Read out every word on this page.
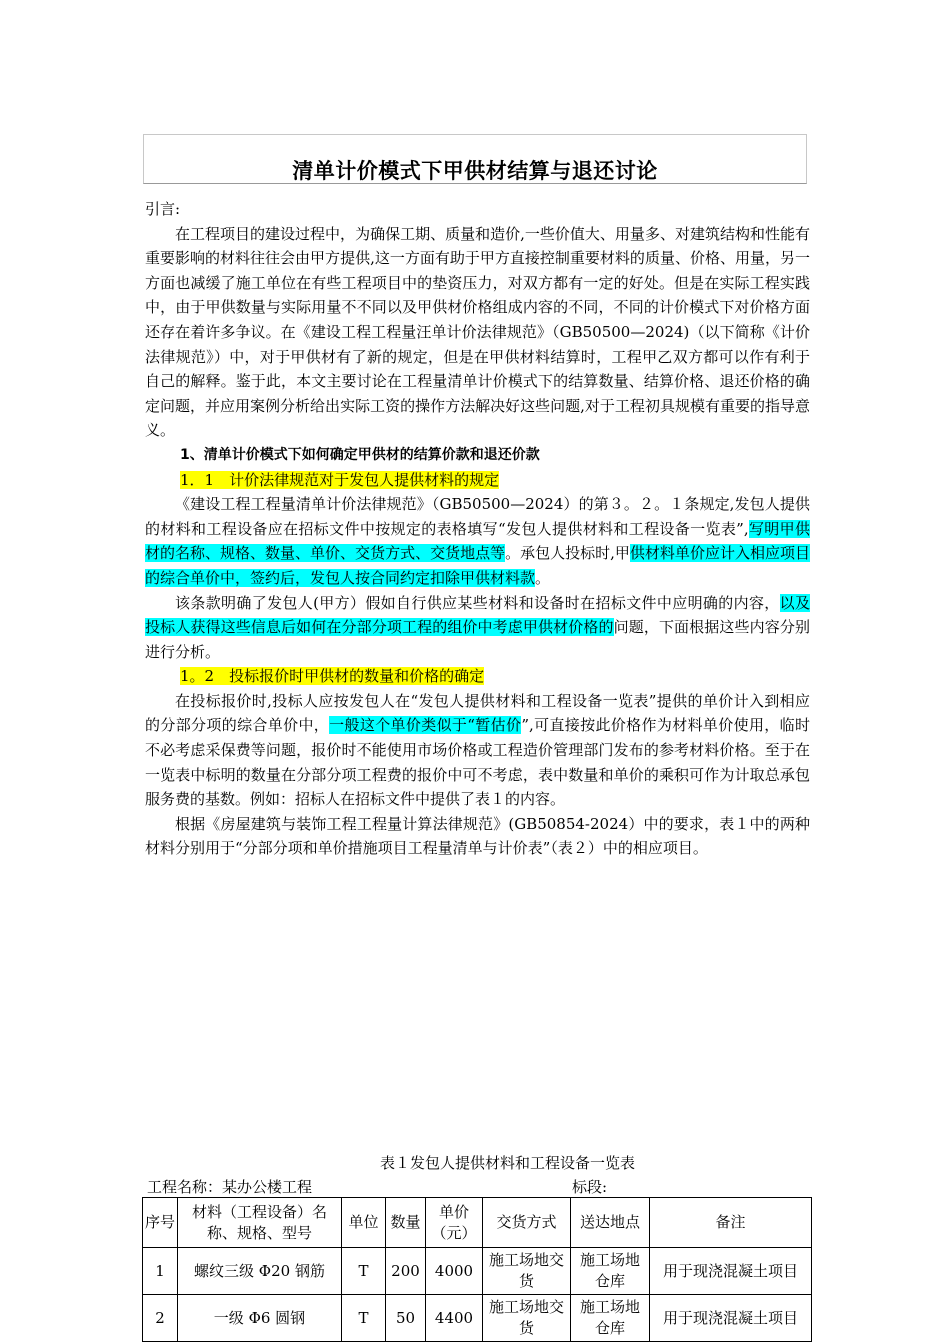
清单计价模式下甲供材结算与退还讨论

引言:

在工程项目的建设过程中，为确保工期、质量和造价,一些价值大、用量多、对建筑结构和性能有重要影响的材料往往会由甲方提供,这一方面有助于甲方直接控制重要材料的质量、价格、用量，另一方面也减缓了施工单位在有些工程项目中的垫资压力，对双方都有一定的好处。但是在实际工程实践中，由于甲供数量与实际用量不不同以及甲供材价格组成内容的不同，不同的计价模式下对价格方面还存在着许多争议。在《建设工程工程量汪单计价法律规范》（GB50500—2024)（以下简称《计价法律规范》）中，对于甲供材有了新的规定，但是在甲供材料结算时，工程甲乙双方都可以作有利于自己的解释。鉴于此，本文主要讨论在工程量清单计价模式下的结算数量、结算价格、退还价格的确定问题，并应用案例分析给出实际工资的操作方法解决好这些问题,对于工程初具规模有重要的指导意义。

1、清单计价模式下如何确定甲供材的结算价款和退还价款

1．1　计价法律规范对于发包人提供材料的规定

《建设工程工程量清单计价法律规范》（GB50500—2024）的第３。２。１条规定,发包人提供的材料和工程设备应在招标文件中按规定的表格填写“发包人提供材料和工程设备一览表”,写明甲供材的名称、规格、数量、单价、交货方式、交货地点等。承包人投标时,甲供材料单价应计入相应项目的综合单价中，签约后，发包人按合同约定扣除甲供材料款。

该条款明确了发包人(甲方）假如自行供应某些材料和设备时在招标文件中应明确的内容，以及投标人获得这些信息后如何在分部分项工程的组价中考虑甲供材价格的问题，下面根据这些内容分别进行分析。

1。2　投标报价时甲供材的数量和价格的确定

在投标报价时,投标人应按发包人在“发包人提供材料和工程设备一览表”提供的单价计入到相应的分部分项的综合单价中，一般这个单价类似于“暂估价”,可直接按此价格作为材料单价使用，临时不必考虑采保费等问题，报价时不能使用市场价格或工程造价管理部门发布的参考材料价格。至于在一览表中标明的数量在分部分项工程费的报价中可不考虑，表中数量和单价的乘积可作为计取总承包服务费的基数。例如：招标人在招标文件中提供了表１的内容。

根据《房屋建筑与装饰工程工程量计算法律规范》(GB50854-2024）中的要求，表１中的两种材料分别用于“分部分项和单价措施项目工程量清单与计价表”（表２）中的相应项目。

表１发包人提供材料和工程设备一览表
工程名称：某办公楼工程	标段:
序号	材料（工程设备）名称、规格、型号	单位	数量	单价（元）	交货方式	送达地点	备注
1	螺纹三级 Φ20 钢筋	T	200	4000	施工场地交货	施工场地仓库	用于现浇混凝土项目
2	一级 Φ6 圆钢	T	50	4400	施工场地交货	施工场地仓库	用于现浇混凝土项目
